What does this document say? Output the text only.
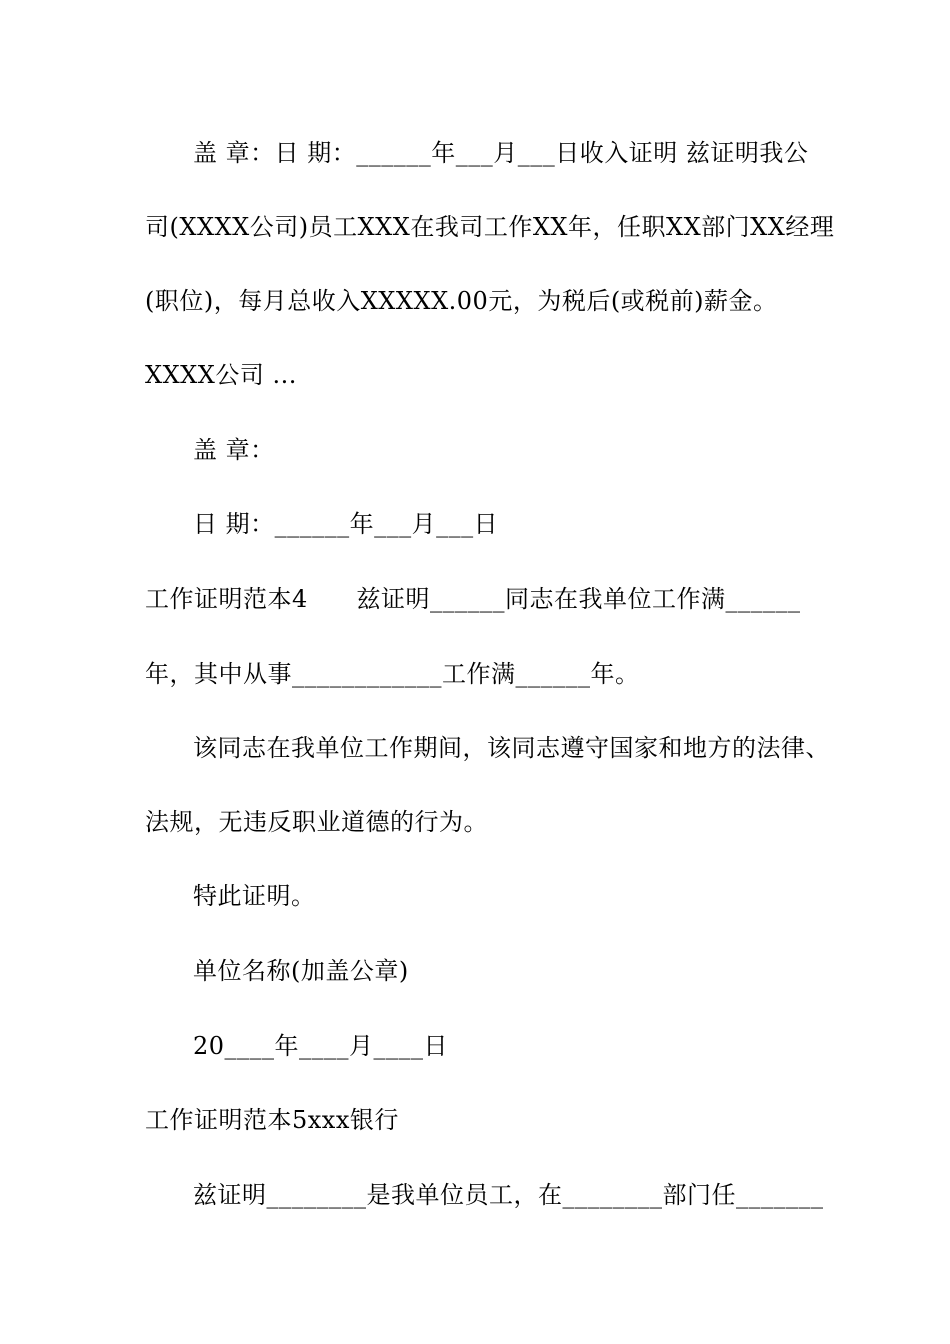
盖 章：日 期：______年___月___日收入证明 兹证明我公
司(XXXX公司)员工XXX在我司工作XX年，任职XX部门XX经理
(职位)，每月总收入XXXXX.00元，为税后(或税前)薪金。
XXXX公司 ...
盖 章：
日 期：______年___月___日
工作证明范本4      兹证明______同志在我单位工作满______
年，其中从事____________工作满______年。
该同志在我单位工作期间，该同志遵守国家和地方的法律、
法规，无违反职业道德的行为。
特此证明。
单位名称(加盖公章)
20____年____月____日
工作证明范本5xxx银行
兹证明________是我单位员工，在________部门任_______
